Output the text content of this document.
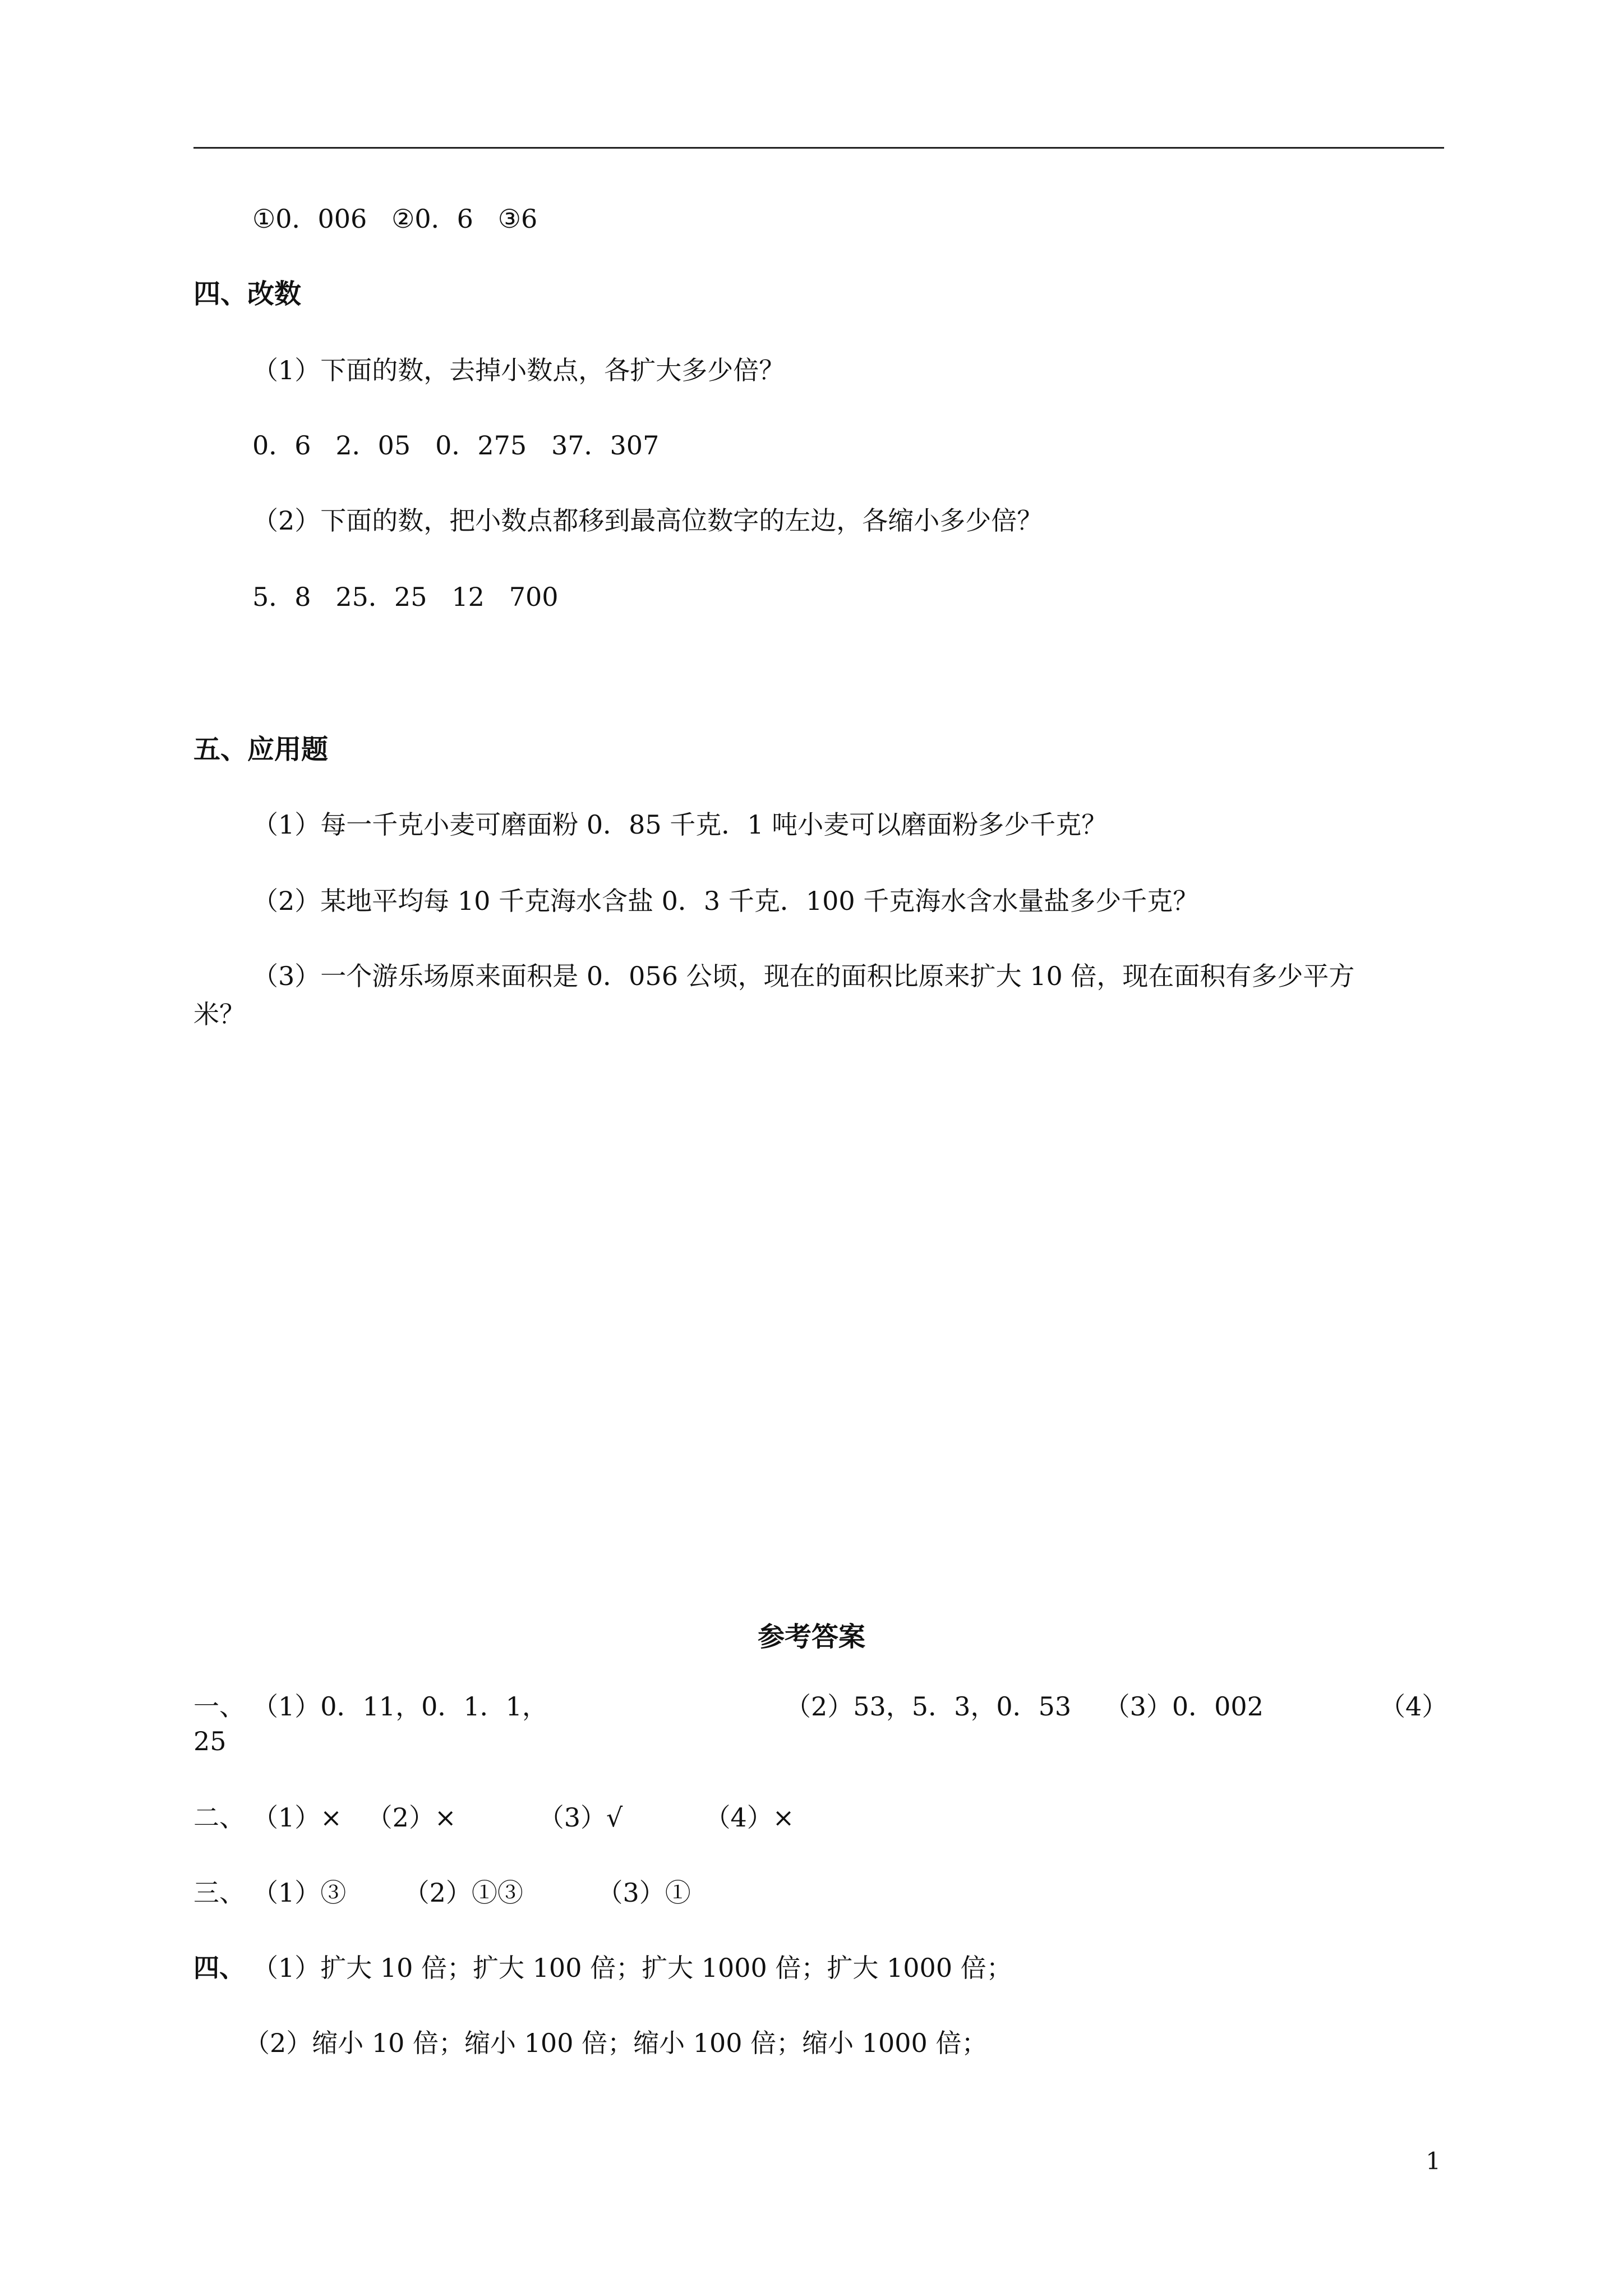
①0．006   ②0．6   ③6
四、改数
（1）下面的数，去掉小数点，各扩大多少倍？
0．6   2．05   0．275   37．307
（2）下面的数，把小数点都移到最高位数字的左边，各缩小多少倍？
5．8   25．25   12   700
五、应用题
（1）每一千克小麦可磨面粉 0．85 千克．1 吨小麦可以磨面粉多少千克？
（2）某地平均每 10 千克海水含盐 0．3 千克．100 千克海水含水量盐多少千克？
（3）一个游乐场原来面积是 0．056 公顷，现在的面积比原来扩大 10 倍，现在面积有多少平方
米？
参考答案
一、 （1）0．11，0．1．1，	（2）53，5．3，0．53    （3）0．002	（4）
25
二、 （1）×   （2）×          （3）√          （4）×
三、 （1）③       （2）①③         （3）①
四、 （1）扩大 10 倍；扩大 100 倍；扩大 1000 倍；扩大 1000 倍；
（2）缩小 10 倍；缩小 100 倍；缩小 100 倍；缩小 1000 倍；
1
